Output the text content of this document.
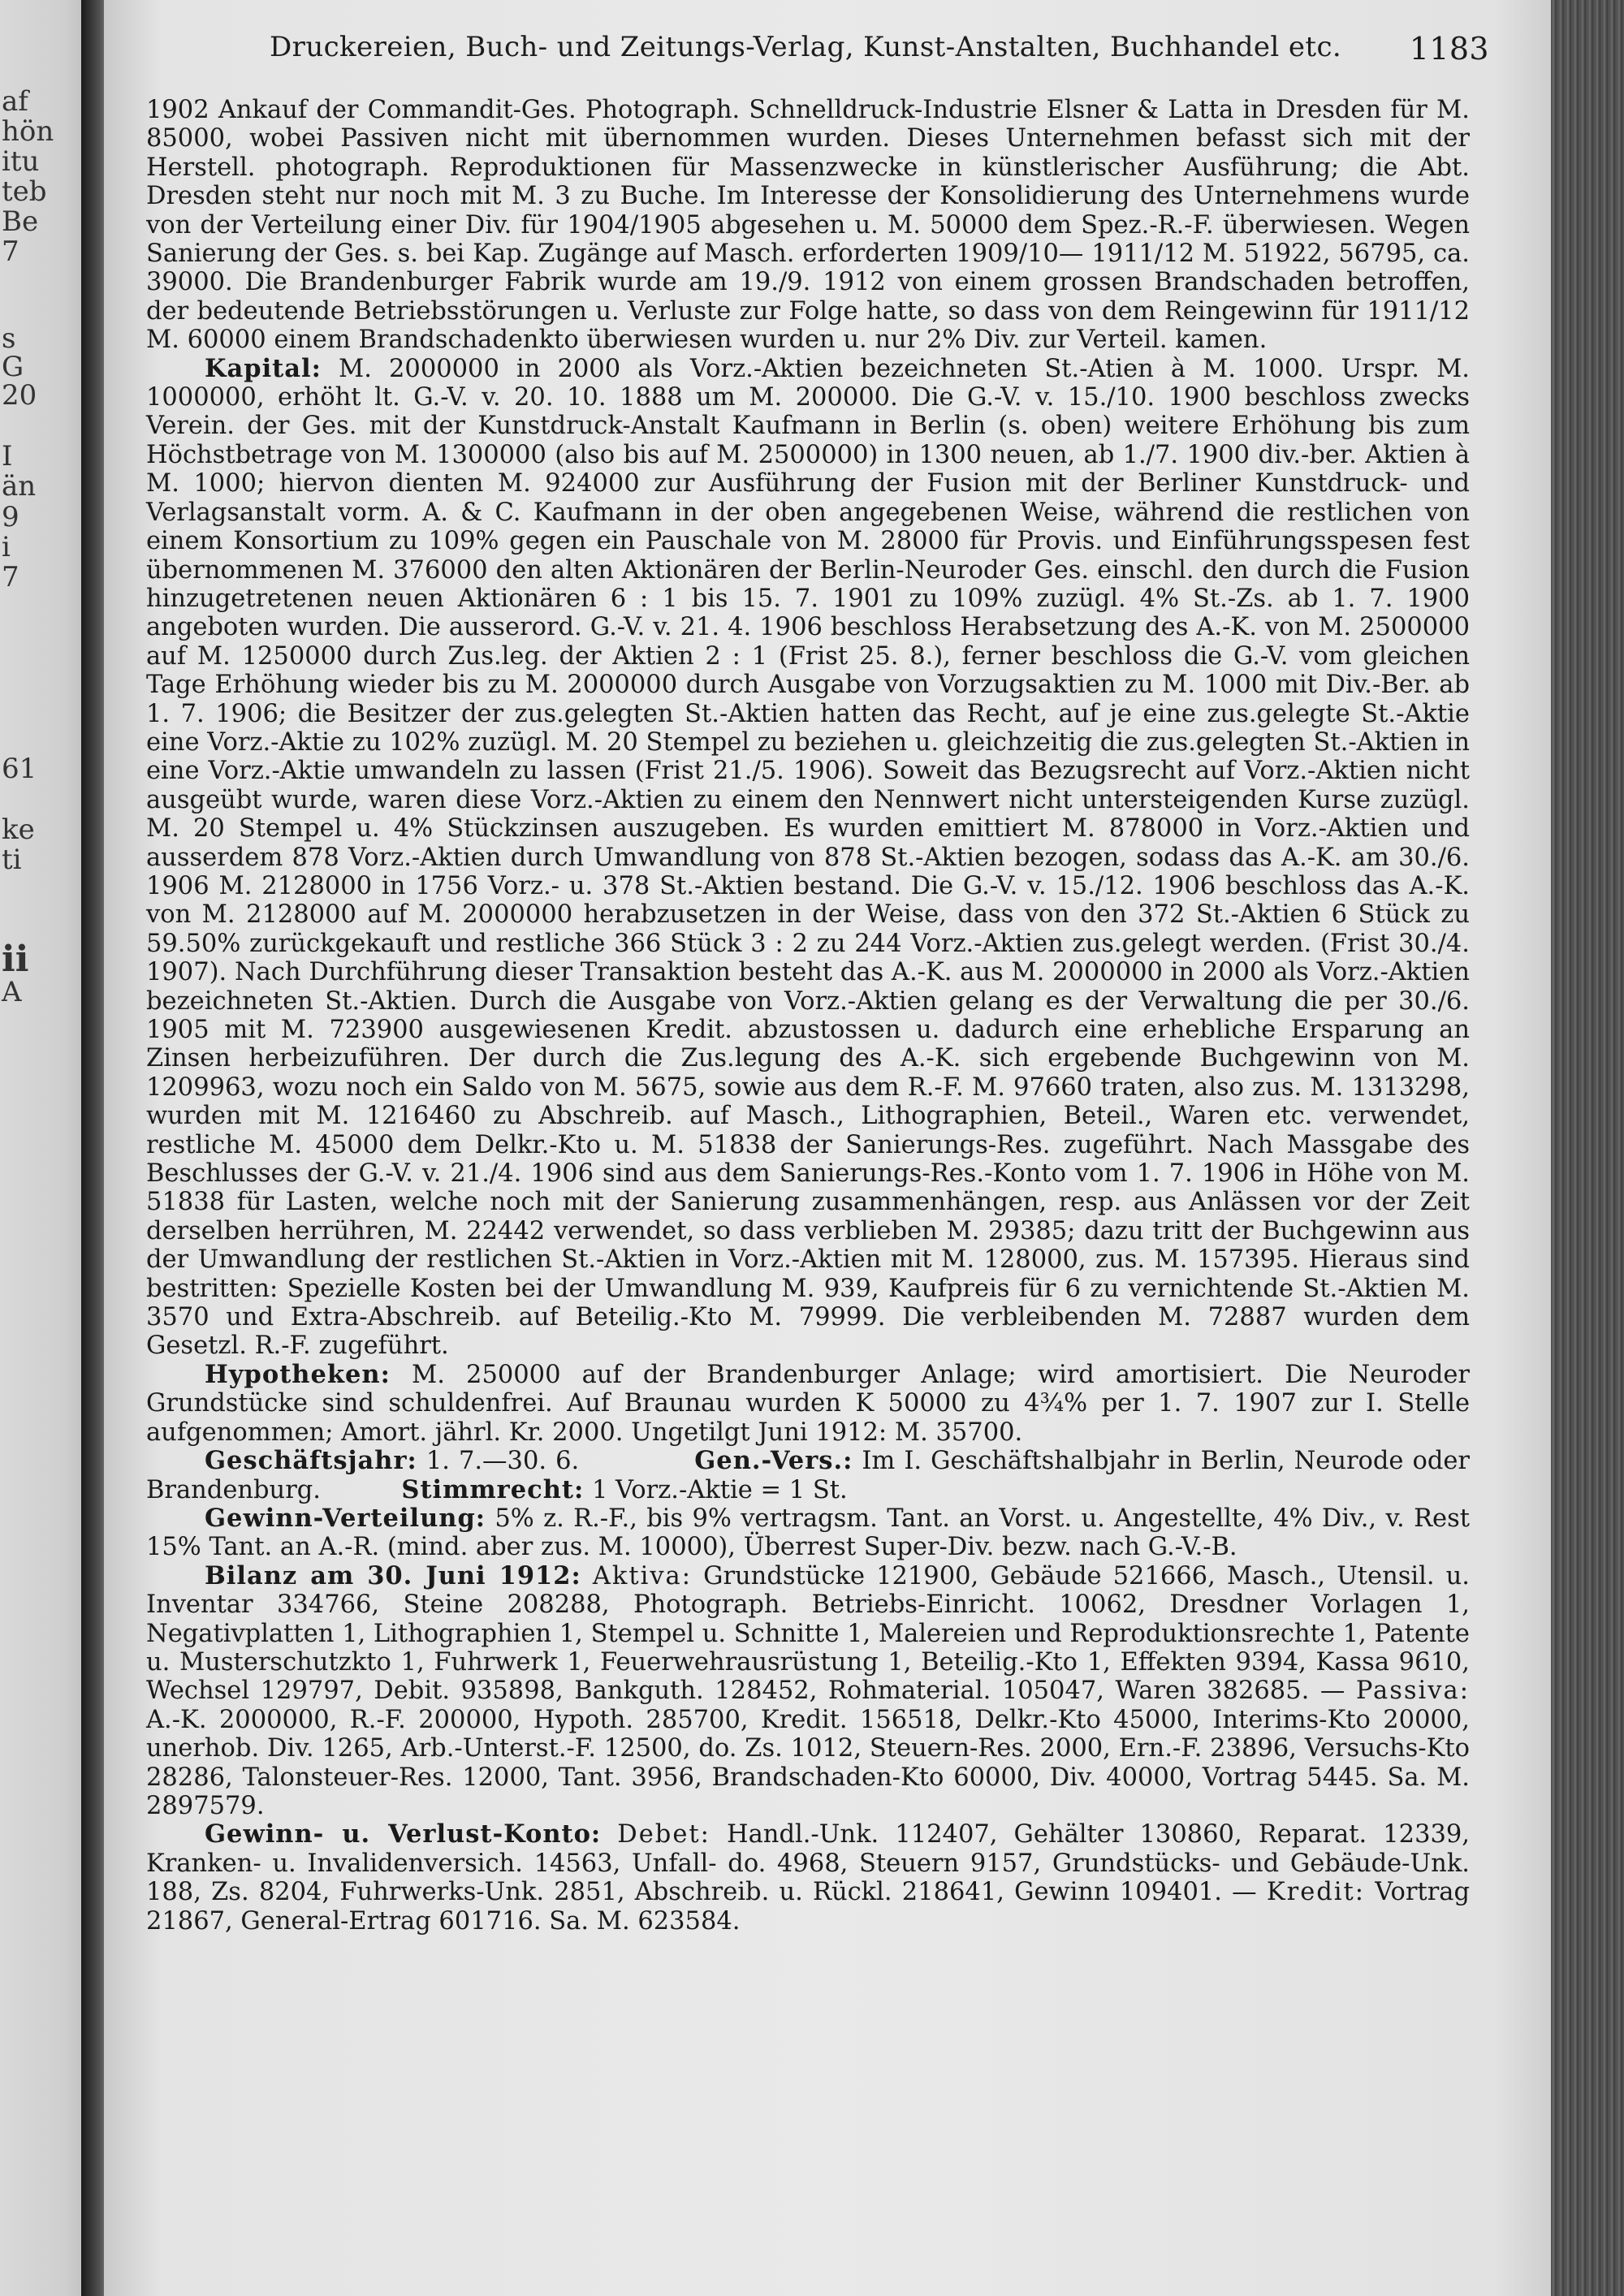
af
hön
itu
teb
Be
7
s
G
20
I
än
9
i
7
61
ke
ti
ii
A
Druckereien, Buch- und Zeitungs-Verlag, Kunst-Anstalten, Buchhandel etc. 1183

1902 Ankauf der Commandit-Ges. Photograph. Schnelldruck-Industrie Elsner & Latta in Dresden für M. 85000, wobei Passiven nicht mit übernommen wurden. Dieses Unternehmen befasst sich mit der Herstell. photograph. Reproduktionen für Massenzwecke in künstlerischer Ausführung; die Abt. Dresden steht nur noch mit M. 3 zu Buche. Im Interesse der Konsolidierung des Unternehmens wurde von der Verteilung einer Div. für 1904/1905 abgesehen u. M. 50000 dem Spez.-R.-F. überwiesen. Wegen Sanierung der Ges. s. bei Kap. Zugänge auf Masch. erforderten 1909/10— 1911/12 M. 51922, 56795, ca. 39000. Die Brandenburger Fabrik wurde am 19./9. 1912 von einem grossen Brandschaden betroffen, der bedeutende Betriebsstörungen u. Verluste zur Folge hatte, so dass von dem Reingewinn für 1911/12 M. 60000 einem Brandschadenkto überwiesen wurden u. nur 2% Div. zur Verteil. kamen.

Kapital: M. 2000000 in 2000 als Vorz.-Aktien bezeichneten St.-Atien à M. 1000. Urspr. M. 1000000, erhöht lt. G.-V. v. 20. 10. 1888 um M. 200000. Die G.-V. v. 15./10. 1900 beschloss zwecks Verein. der Ges. mit der Kunstdruck-Anstalt Kaufmann in Berlin (s. oben) weitere Erhöhung bis zum Höchstbetrage von M. 1300000 (also bis auf M. 2500000) in 1300 neuen, ab 1./7. 1900 div.-ber. Aktien à M. 1000; hiervon dienten M. 924000 zur Ausführung der Fusion mit der Berliner Kunstdruck- und Verlagsanstalt vorm. A. & C. Kaufmann in der oben angegebenen Weise, während die restlichen von einem Konsortium zu 109% gegen ein Pauschale von M. 28000 für Provis. und Einführungsspesen fest übernommenen M. 376000 den alten Aktionären der Berlin-Neuroder Ges. einschl. den durch die Fusion hinzugetretenen neuen Aktionären 6 : 1 bis 15. 7. 1901 zu 109% zuzügl. 4% St.-Zs. ab 1. 7. 1900 angeboten wurden. Die ausserord. G.-V. v. 21. 4. 1906 beschloss Herabsetzung des A.-K. von M. 2500000 auf M. 1250000 durch Zus.leg. der Aktien 2 : 1 (Frist 25. 8.), ferner beschloss die G.-V. vom gleichen Tage Erhöhung wieder bis zu M. 2000000 durch Ausgabe von Vorzugsaktien zu M. 1000 mit Div.-Ber. ab 1. 7. 1906; die Besitzer der zus.gelegten St.-Aktien hatten das Recht, auf je eine zus.gelegte St.-Aktie eine Vorz.-Aktie zu 102% zuzügl. M. 20 Stempel zu beziehen u. gleichzeitig die zus.gelegten St.-Aktien in eine Vorz.-Aktie umwandeln zu lassen (Frist 21./5. 1906). Soweit das Bezugsrecht auf Vorz.-Aktien nicht ausgeübt wurde, waren diese Vorz.-Aktien zu einem den Nennwert nicht untersteigenden Kurse zuzügl. M. 20 Stempel u. 4% Stückzinsen auszugeben. Es wurden emittiert M. 878000 in Vorz.-Aktien und ausserdem 878 Vorz.-Aktien durch Umwandlung von 878 St.-Aktien bezogen, sodass das A.-K. am 30./6. 1906 M. 2128000 in 1756 Vorz.- u. 378 St.-Aktien bestand. Die G.-V. v. 15./12. 1906 beschloss das A.-K. von M. 2128000 auf M. 2000000 herabzusetzen in der Weise, dass von den 372 St.-Aktien 6 Stück zu 59.50% zurückgekauft und restliche 366 Stück 3 : 2 zu 244 Vorz.-Aktien zus.gelegt werden. (Frist 30./4. 1907). Nach Durchführung dieser Transaktion besteht das A.-K. aus M. 2000000 in 2000 als Vorz.-Aktien bezeichneten St.-Aktien. Durch die Ausgabe von Vorz.-Aktien gelang es der Verwaltung die per 30./6. 1905 mit M. 723900 ausgewiesenen Kredit. abzustossen u. dadurch eine erhebliche Ersparung an Zinsen herbeizuführen. Der durch die Zus.legung des A.-K. sich ergebende Buchgewinn von M. 1209963, wozu noch ein Saldo von M. 5675, sowie aus dem R.-F. M. 97660 traten, also zus. M. 1313298, wurden mit M. 1216460 zu Abschreib. auf Masch., Lithographien, Beteil., Waren etc. verwendet, restliche M. 45000 dem Delkr.-Kto u. M. 51838 der Sanierungs-Res. zugeführt. Nach Massgabe des Beschlusses der G.-V. v. 21./4. 1906 sind aus dem Sanierungs-Res.-Konto vom 1. 7. 1906 in Höhe von M. 51838 für Lasten, welche noch mit der Sanierung zusammenhängen, resp. aus Anlässen vor der Zeit derselben herrühren, M. 22442 verwendet, so dass verblieben M. 29385; dazu tritt der Buchgewinn aus der Umwandlung der restlichen St.-Aktien in Vorz.-Aktien mit M. 128000, zus. M. 157395. Hieraus sind bestritten: Spezielle Kosten bei der Umwandlung M. 939, Kaufpreis für 6 zu vernichtende St.-Aktien M. 3570 und Extra-Abschreib. auf Beteilig.-Kto M. 79999. Die verbleibenden M. 72887 wurden dem Gesetzl. R.-F. zugeführt.

Hypotheken: M. 250000 auf der Brandenburger Anlage; wird amortisiert. Die Neuroder Grundstücke sind schuldenfrei. Auf Braunau wurden K 50000 zu 4¾% per 1. 7. 1907 zur I. Stelle aufgenommen; Amort. jährl. Kr. 2000. Ungetilgt Juni 1912: M. 35700.

Geschäftsjahr: 1. 7.—30. 6.	Gen.-Vers.: Im I. Geschäftshalbjahr in Berlin, Neurode oder Brandenburg.	Stimmrecht: 1 Vorz.-Aktie = 1 St.

Gewinn-Verteilung: 5% z. R.-F., bis 9% vertragsm. Tant. an Vorst. u. Angestellte, 4% Div., v. Rest 15% Tant. an A.-R. (mind. aber zus. M. 10000), Überrest Super-Div. bezw. nach G.-V.-B.

Bilanz am 30. Juni 1912: Aktiva: Grundstücke 121900, Gebäude 521666, Masch., Utensil. u. Inventar 334766, Steine 208288, Photograph. Betriebs-Einricht. 10062, Dresdner Vorlagen 1, Negativplatten 1, Lithographien 1, Stempel u. Schnitte 1, Malereien und Reproduktionsrechte 1, Patente u. Musterschutzkto 1, Fuhrwerk 1, Feuerwehrausrüstung 1, Beteilig.-Kto 1, Effekten 9394, Kassa 9610, Wechsel 129797, Debit. 935898, Bankguth. 128452, Rohmaterial. 105047, Waren 382685. — Passiva: A.-K. 2000000, R.-F. 200000, Hypoth. 285700, Kredit. 156518, Delkr.-Kto 45000, Interims-Kto 20000, unerhob. Div. 1265, Arb.-Unterst.-F. 12500, do. Zs. 1012, Steuern-Res. 2000, Ern.-F. 23896, Versuchs-Kto 28286, Talonsteuer-Res. 12000, Tant. 3956, Brandschaden-Kto 60000, Div. 40000, Vortrag 5445. Sa. M. 2897579.

Gewinn- u. Verlust-Konto: Debet: Handl.-Unk. 112407, Gehälter 130860, Reparat. 12339, Kranken- u. Invalidenversich. 14563, Unfall- do. 4968, Steuern 9157, Grundstücks- und Gebäude-Unk. 188, Zs. 8204, Fuhrwerks-Unk. 2851, Abschreib. u. Rückl. 218641, Gewinn 109401. — Kredit: Vortrag 21867, General-Ertrag 601716. Sa. M. 623584.
